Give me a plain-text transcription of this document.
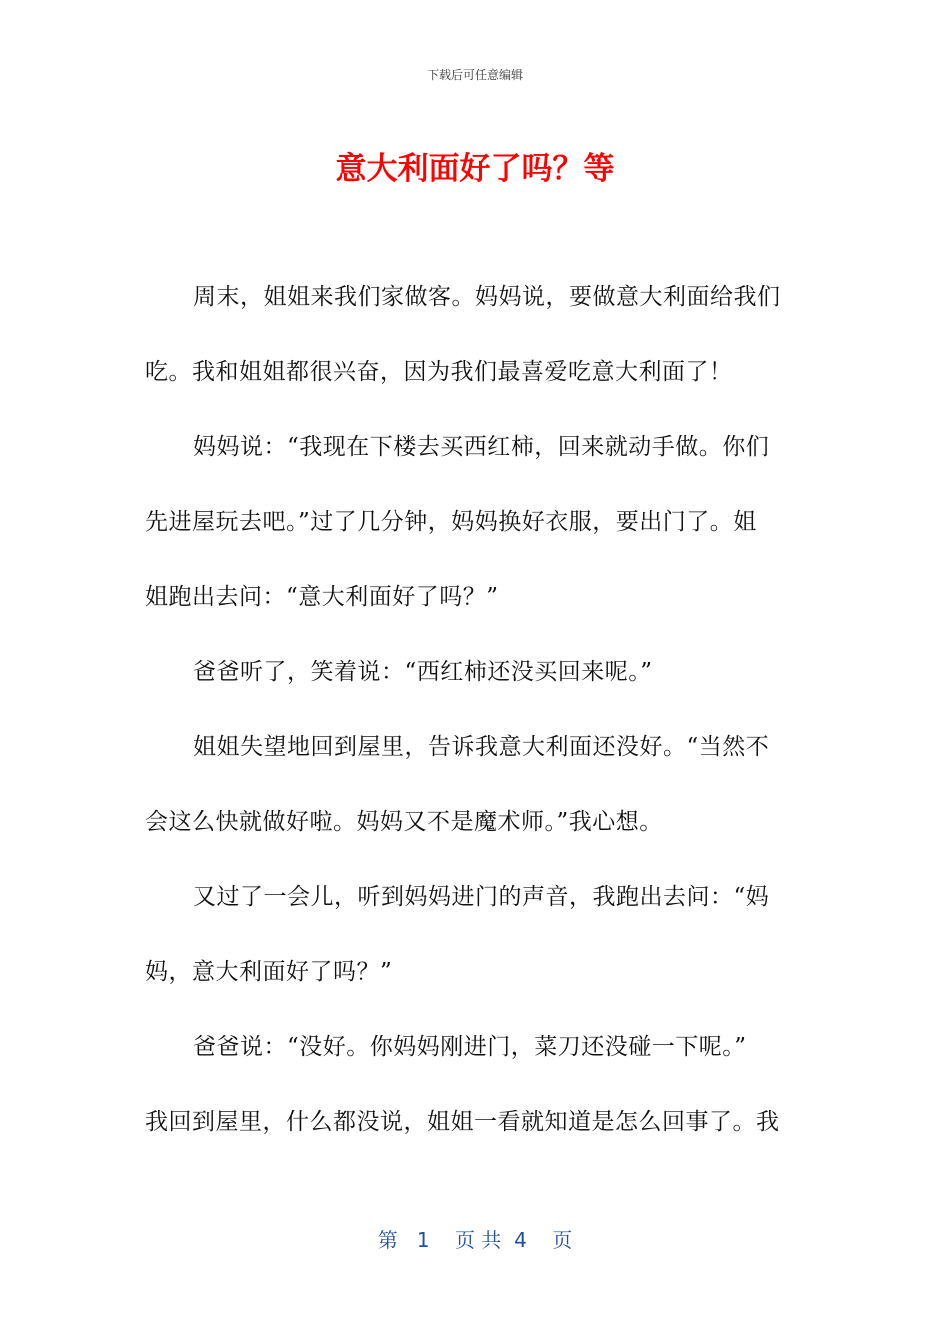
下载后可任意编辑
意大利面好了吗？等
周末，姐姐来我们家做客。妈妈说，要做意大利面给我们
吃。我和姐姐都很兴奋，因为我们最喜爱吃意大利面了！
妈妈说：“我现在下楼去买西红柿，回来就动手做。你们
先进屋玩去吧。”过了几分钟，妈妈换好衣服，要出门了。姐
姐跑出去问：“意大利面好了吗？”
爸爸听了，笑着说：“西红柿还没买回来呢。”
姐姐失望地回到屋里，告诉我意大利面还没好。“当然不
会这么快就做好啦。妈妈又不是魔术师。”我心想。
又过了一会儿，听到妈妈进门的声音，我跑出去问：“妈
妈，意大利面好了吗？”
爸爸说：“没好。你妈妈刚进门，菜刀还没碰一下呢。”
我回到屋里，什么都没说，姐姐一看就知道是怎么回事了。我
第   1    页 共  4    页
